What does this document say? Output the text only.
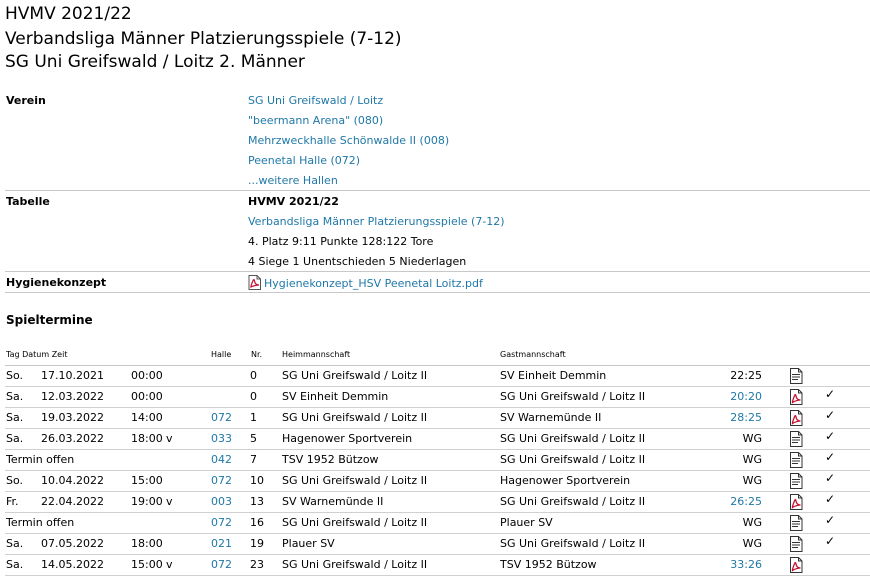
HVMV 2021/22
Verbandsliga Männer Platzierungsspiele (7-12)
SG Uni Greifswald / Loitz 2. Männer
Verein	SG Uni Greifswald / Loitz
"beermann Arena" (080)
Mehrzweckhalle Schönwalde II (008)
Peenetal Halle (072)
...weitere Hallen
Tabelle	HVMV 2021/22
Verbandsliga Männer Platzierungsspiele (7-12)
4. Platz 9:11 Punkte 128:122 Tore
4 Siege 1 Unentschieden 5 Niederlagen
Hygienekonzept	Hygienekonzept_HSV Peenetal Loitz.pdf
Spieltermine
Tag Datum Zeit	Halle Nr. Heimmannschaft	Gastmannschaft
So. 17.10.2021 00:00	0 SG Uni Greifswald / Loitz II	SV Einheit Demmin	22:25
Sa. 12.03.2022 00:00	0 SV Einheit Demmin	SG Uni Greifswald / Loitz II	20:20	✓
Sa. 19.03.2022 14:00	072 1 SG Uni Greifswald / Loitz II	SV Warnemünde II	28:25	✓
Sa. 26.03.2022 18:00 v	033 5 Hagenower Sportverein	SG Uni Greifswald / Loitz II	WG	✓
Termin offen	042 7 TSV 1952 Bützow	SG Uni Greifswald / Loitz II	WG	✓
So. 10.04.2022 15:00	072 10 SG Uni Greifswald / Loitz II	Hagenower Sportverein	WG	✓
Fr. 22.04.2022 19:00 v	003 13 SV Warnemünde II	SG Uni Greifswald / Loitz II	26:25	✓
Termin offen	072 16 SG Uni Greifswald / Loitz II	Plauer SV	WG	✓
Sa. 07.05.2022 18:00	021 19 Plauer SV	SG Uni Greifswald / Loitz II	WG	✓
Sa. 14.05.2022 15:00 v	072 23 SG Uni Greifswald / Loitz II	TSV 1952 Bützow	33:26
